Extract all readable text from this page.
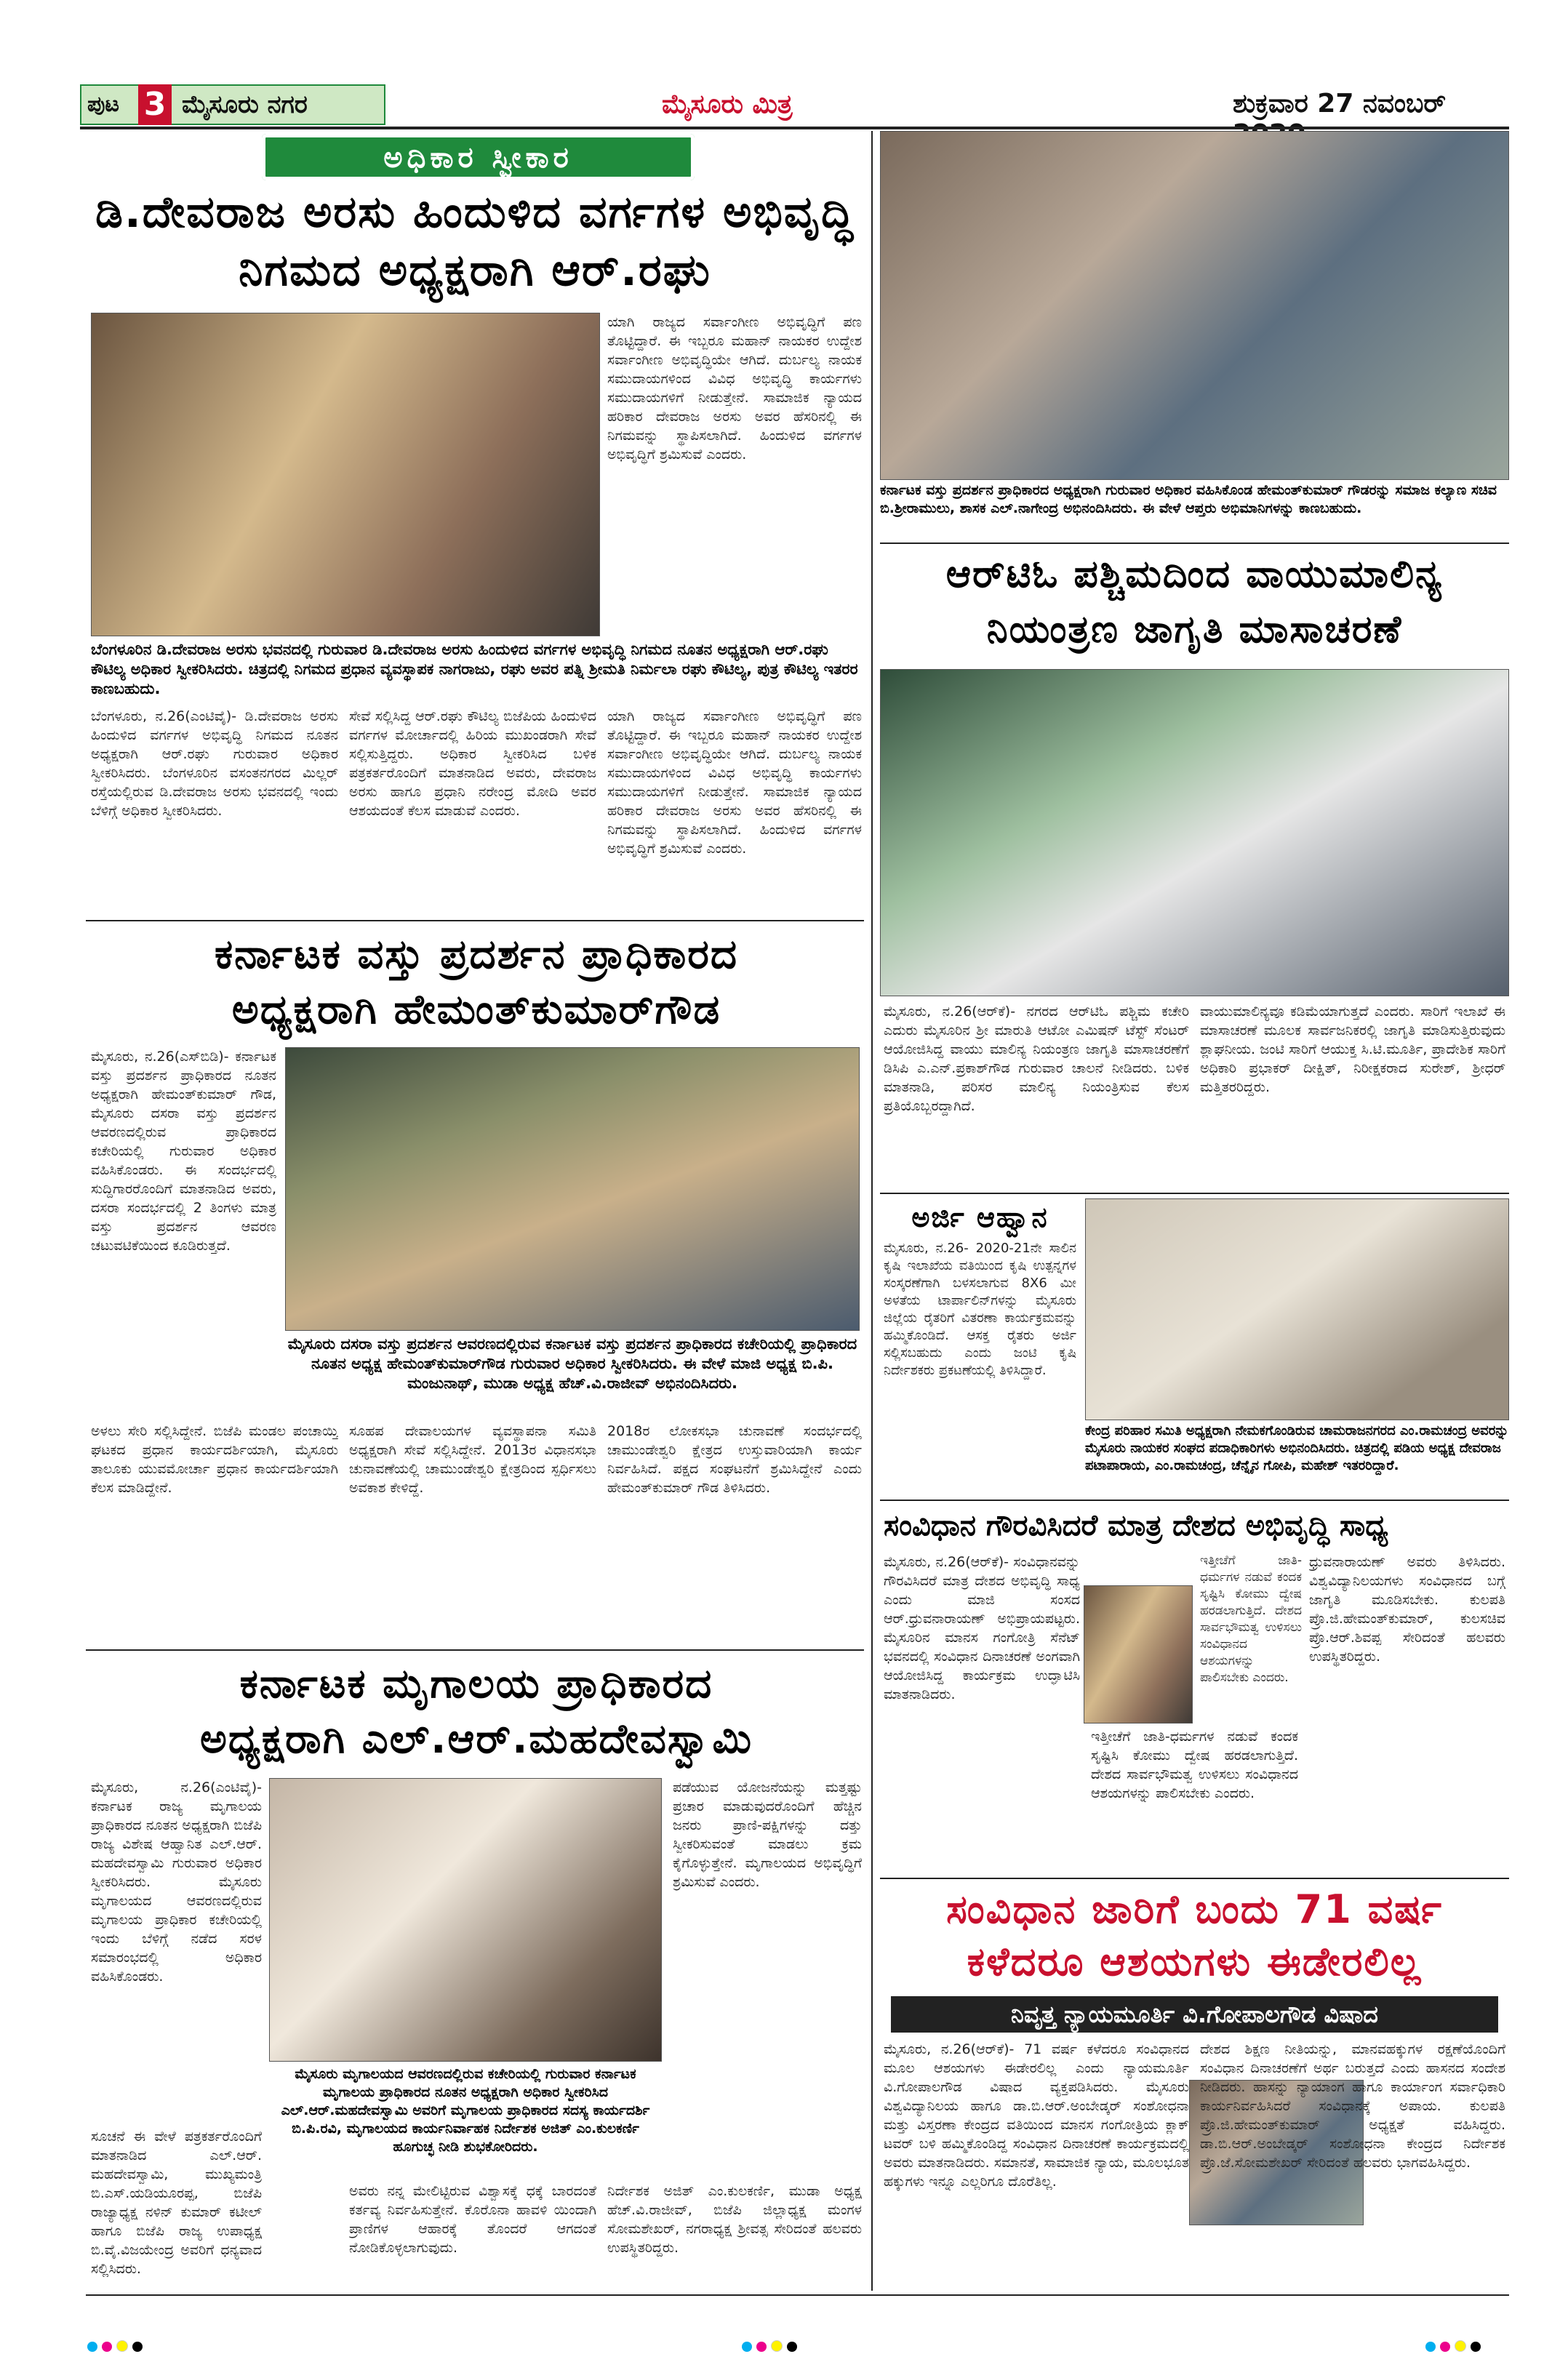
ಪುಟ 3 ಮೈಸೂರು ನಗರ	ಮೈಸೂರು ಮಿತ್ರ	ಶುಕ್ರವಾರ 27 ನವಂಬರ್
ಅಧಿಕಾರ ಸ್ವೀಕಾರ
ಡಿ.ದೇವರಾಜ ಅರಸು ಹಿಂದುಳಿದ ವರ್ಗಗಳ ಅಭಿವೃದ್ಧಿ ನಿಗಮದ ಅಧ್ಯಕ್ಷರಾಗಿ ಆರ್.ರಘು
ಯಾಗಿ ರಾಜ್ಯದ ಸರ್ವಾಂಗೀಣ ಅಭಿವೃದ್ಧಿಗೆ ಪಣ ತೊಟ್ಟಿದ್ದಾರೆ. ಈ ಇಬ್ಬರೂ ಮಹಾನ್ ನಾಯಕರ ಉದ್ದೇಶ ಸರ್ವಾಂಗೀಣ ಅಭಿವೃದ್ಧಿಯೇ ಆಗಿದೆ. ದುರ್ಬಲ್ಯ ನಾಯಕ ಸಮುದಾಯಗಳಿಂದ ವಿವಿಧ ಅಭಿವೃದ್ಧಿ ಕಾರ್ಯಗಳು ಸಮುದಾಯಗಳಿಗೆ ನೀಡುತ್ತೇನೆ. ಸಾಮಾಜಿಕ ನ್ಯಾಯದ ಹರಿಕಾರ ದೇವರಾಜ ಅರಸು ಅವರ ಹೆಸರಿನಲ್ಲಿ ಈ ನಿಗಮವನ್ನು ಸ್ಥಾಪಿಸಲಾಗಿದೆ. ಹಿಂದುಳಿದ ವರ್ಗಗಳ ಅಭಿವೃದ್ಧಿಗೆ ಶ್ರಮಿಸುವೆ ಎಂದರು.
ಬೆಂಗಳೂರಿನ ಡಿ.ದೇವರಾಜ ಅರಸು ಭವನದಲ್ಲಿ ಗುರುವಾರ ಡಿ.ದೇವರಾಜ ಅರಸು ಹಿಂದುಳಿದ ವರ್ಗಗಳ ಅಭಿವೃದ್ಧಿ ನಿಗಮದ ನೂತನ ಅಧ್ಯಕ್ಷರಾಗಿ ಆರ್.ರಘು ಕೌಟಿಲ್ಯ ಅಧಿಕಾರ ಸ್ವೀಕರಿಸಿದರು. ಚಿತ್ರದಲ್ಲಿ ನಿಗಮದ ಪ್ರಧಾನ ವ್ಯವಸ್ಥಾಪಕ ನಾಗರಾಜು, ರಘು ಅವರ ಪತ್ನಿ ಶ್ರೀಮತಿ ನಿರ್ಮಲಾ ರಘು ಕೌಟಿಲ್ಯ, ಪುತ್ರ ಕೌಟಿಲ್ಯ ಇತರರ ಕಾಣಬಹುದು.
ಬೆಂಗಳೂರು, ನ.26(ಎಂಟಿವೈ)- ಡಿ.ದೇವರಾಜ ಅರಸು ಹಿಂದುಳಿದ ವರ್ಗಗಳ ಅಭಿವೃದ್ಧಿ ನಿಗಮದ ನೂತನ ಅಧ್ಯಕ್ಷರಾಗಿ ಆರ್.ರಘು ಗುರುವಾರ ಅಧಿಕಾರ ಸ್ವೀಕರಿಸಿದರು. ಬೆಂಗಳೂರಿನ ವಸಂತನಗರದ ಮಿಲ್ಲರ್ ರಸ್ತೆಯಲ್ಲಿರುವ ಡಿ.ದೇವರಾಜ ಅರಸು ಭವನದಲ್ಲಿ ಇಂದು ಬೆಳಿಗ್ಗೆ ಅಧಿಕಾರ ಸ್ವೀಕರಿಸಿದರು.
ಸೇವೆ ಸಲ್ಲಿಸಿದ್ದ ಆರ್.ರಘು ಕೌಟಿಲ್ಯ ಬಿಜೆಪಿಯ ಹಿಂದುಳಿದ ವರ್ಗಗಳ ಮೋರ್ಚಾದಲ್ಲಿ ಹಿರಿಯ ಮುಖಂಡರಾಗಿ ಸೇವೆ ಸಲ್ಲಿಸುತ್ತಿದ್ದರು. ಅಧಿಕಾರ ಸ್ವೀಕರಿಸಿದ ಬಳಿಕ ಪತ್ರಕರ್ತರೊಂದಿಗೆ ಮಾತನಾಡಿದ ಅವರು, ದೇವರಾಜ ಅರಸು ಹಾಗೂ ಪ್ರಧಾನಿ ನರೇಂದ್ರ ಮೋದಿ ಅವರ ಆಶಯದಂತೆ ಕೆಲಸ ಮಾಡುವೆ ಎಂದರು.
ಯಾಗಿ ರಾಜ್ಯದ ಸರ್ವಾಂಗೀಣ ಅಭಿವೃದ್ಧಿಗೆ ಪಣ ತೊಟ್ಟಿದ್ದಾರೆ. ಈ ಇಬ್ಬರೂ ಮಹಾನ್ ನಾಯಕರ ಉದ್ದೇಶ ಸರ್ವಾಂಗೀಣ ಅಭಿವೃದ್ಧಿಯೇ ಆಗಿದೆ. ದುರ್ಬಲ್ಯ ನಾಯಕ ಸಮುದಾಯಗಳಿಂದ ವಿವಿಧ ಅಭಿವೃದ್ಧಿ ಕಾರ್ಯಗಳು ಸಮುದಾಯಗಳಿಗೆ ನೀಡುತ್ತೇನೆ. ಸಾಮಾಜಿಕ ನ್ಯಾಯದ ಹರಿಕಾರ ದೇವರಾಜ ಅರಸು ಅವರ ಹೆಸರಿನಲ್ಲಿ ಈ ನಿಗಮವನ್ನು ಸ್ಥಾಪಿಸಲಾಗಿದೆ. ಹಿಂದುಳಿದ ವರ್ಗಗಳ ಅಭಿವೃದ್ಧಿಗೆ ಶ್ರಮಿಸುವೆ ಎಂದರು.
ಕರ್ನಾಟಕ ವಸ್ತು ಪ್ರದರ್ಶನ ಪ್ರಾಧಿಕಾರದ ಅಧ್ಯಕ್ಷರಾಗಿ ಹೇಮಂತ್‌ಕುಮಾರ್‌ಗೌಡ
ಮೈಸೂರು, ನ.26(ಎಸ್‌ಬಿಡಿ)- ಕರ್ನಾಟಕ ವಸ್ತು ಪ್ರದರ್ಶನ ಪ್ರಾಧಿಕಾರದ ನೂತನ ಅಧ್ಯಕ್ಷರಾಗಿ ಹೇಮಂತ್‌ಕುಮಾರ್ ಗೌಡ, ಮೈಸೂರು ದಸರಾ ವಸ್ತು ಪ್ರದರ್ಶನ ಆವರಣದಲ್ಲಿರುವ ಪ್ರಾಧಿಕಾರದ ಕಚೇರಿಯಲ್ಲಿ ಗುರುವಾರ ಅಧಿಕಾರ ವಹಿಸಿಕೊಂಡರು. ಈ ಸಂದರ್ಭದಲ್ಲಿ ಸುದ್ದಿಗಾರರೊಂದಿಗೆ ಮಾತನಾಡಿದ ಅವರು, ದಸರಾ ಸಂದರ್ಭದಲ್ಲಿ 2 ತಿಂಗಳು ಮಾತ್ರ ವಸ್ತು ಪ್ರದರ್ಶನ ಆವರಣ ಚಟುವಟಿಕೆಯಿಂದ ಕೂಡಿರುತ್ತದೆ.
ಮೈಸೂರು ದಸರಾ ವಸ್ತು ಪ್ರದರ್ಶನ ಆವರಣದಲ್ಲಿರುವ ಕರ್ನಾಟಕ ವಸ್ತು ಪ್ರದರ್ಶನ ಪ್ರಾಧಿಕಾರದ ಕಚೇರಿಯಲ್ಲಿ ಪ್ರಾಧಿಕಾರದ ನೂತನ ಅಧ್ಯಕ್ಷ ಹೇಮಂತ್‌ಕುಮಾರ್‌ಗೌಡ ಗುರುವಾರ ಅಧಿಕಾರ ಸ್ವೀಕರಿಸಿದರು. ಈ ವೇಳೆ ಮಾಜಿ ಅಧ್ಯಕ್ಷ ಬಿ.ಪಿ. ಮಂಜುನಾಥ್, ಮುಡಾ ಅಧ್ಯಕ್ಷ ಹೆಚ್.ವಿ.ರಾಜೀವ್ ಅಭಿನಂದಿಸಿದರು.
ಅಳಲು ಸೇರಿ ಸಲ್ಲಿಸಿದ್ದೇನೆ. ಬಿಜೆಪಿ ಮಂಡಲ ಪಂಚಾಯ್ತಿ ಘಟಕದ ಪ್ರಧಾನ ಕಾರ್ಯದರ್ಶಿಯಾಗಿ, ಮೈಸೂರು ತಾಲೂಕು ಯುವಮೋರ್ಚಾ ಪ್ರಧಾನ ಕಾರ್ಯದರ್ಶಿಯಾಗಿ ಕೆಲಸ ಮಾಡಿದ್ದೇನೆ.
ಸೂಹಪ ದೇವಾಲಯಗಳ ವ್ಯವಸ್ಥಾಪನಾ ಸಮಿತಿ ಅಧ್ಯಕ್ಷರಾಗಿ ಸೇವೆ ಸಲ್ಲಿಸಿದ್ದೇನೆ. 2013ರ ವಿಧಾನಸಭಾ ಚುನಾವಣೆಯಲ್ಲಿ ಚಾಮುಂಡೇಶ್ವರಿ ಕ್ಷೇತ್ರದಿಂದ ಸ್ಪರ್ಧಿಸಲು ಅವಕಾಶ ಕೇಳಿದ್ದೆ.
2018ರ ಲೋಕಸಭಾ ಚುನಾವಣೆ ಸಂದರ್ಭದಲ್ಲಿ ಚಾಮುಂಡೇಶ್ವರಿ ಕ್ಷೇತ್ರದ ಉಸ್ತುವಾರಿಯಾಗಿ ಕಾರ್ಯ ನಿರ್ವಹಿಸಿದೆ. ಪಕ್ಷದ ಸಂಘಟನೆಗೆ ಶ್ರಮಿಸಿದ್ದೇನೆ ಎಂದು ಹೇಮಂತ್‌ಕುಮಾರ್ ಗೌಡ ತಿಳಿಸಿದರು.
ಕರ್ನಾಟಕ ಮೃಗಾಲಯ ಪ್ರಾಧಿಕಾರದ ಅಧ್ಯಕ್ಷರಾಗಿ ಎಲ್.ಆರ್.ಮಹದೇವಸ್ವಾಮಿ
ಮೈಸೂರು, ನ.26(ಎಂಟಿವೈ)- ಕರ್ನಾಟಕ ರಾಜ್ಯ ಮೃಗಾಲಯ ಪ್ರಾಧಿಕಾರದ ನೂತನ ಅಧ್ಯಕ್ಷರಾಗಿ ಬಿಜೆಪಿ ರಾಜ್ಯ ವಿಶೇಷ ಆಹ್ವಾನಿತ ಎಲ್.ಆರ್. ಮಹದೇವಸ್ವಾಮಿ ಗುರುವಾರ ಅಧಿಕಾರ ಸ್ವೀಕರಿಸಿದರು. ಮೈಸೂರು ಮೃಗಾಲಯದ ಆವರಣದಲ್ಲಿರುವ ಮೃಗಾಲಯ ಪ್ರಾಧಿಕಾರ ಕಚೇರಿಯಲ್ಲಿ ಇಂದು ಬೆಳಿಗ್ಗೆ ನಡೆದ ಸರಳ ಸಮಾರಂಭದಲ್ಲಿ ಅಧಿಕಾರ ವಹಿಸಿಕೊಂಡರು.
ಪಡೆಯುವ ಯೋಜನೆಯನ್ನು ಮತ್ತಷ್ಟು ಪ್ರಚಾರ ಮಾಡುವುದರೊಂದಿಗೆ ಹೆಚ್ಚಿನ ಜನರು ಪ್ರಾಣಿ-ಪಕ್ಷಿಗಳನ್ನು ದತ್ತು ಸ್ವೀಕರಿಸುವಂತೆ ಮಾಡಲು ಕ್ರಮ ಕೈಗೊಳ್ಳುತ್ತೇನೆ. ಮೃಗಾಲಯದ ಅಭಿವೃದ್ಧಿಗೆ ಶ್ರಮಿಸುವೆ ಎಂದರು.
ಮೈಸೂರು ಮೃಗಾಲಯದ ಆವರಣದಲ್ಲಿರುವ ಕಚೇರಿಯಲ್ಲಿ ಗುರುವಾರ ಕರ್ನಾಟಕ ಮೃಗಾಲಯ ಪ್ರಾಧಿಕಾರದ ನೂತನ ಅಧ್ಯಕ್ಷರಾಗಿ ಅಧಿಕಾರ ಸ್ವೀಕರಿಸಿದ ಎಲ್.ಆರ್.ಮಹದೇವಸ್ವಾಮಿ ಅವರಿಗೆ ಮೃಗಾಲಯ ಪ್ರಾಧಿಕಾರದ ಸದಸ್ಯ ಕಾರ್ಯದರ್ಶಿ ಬಿ.ಪಿ.ರವಿ, ಮೃಗಾಲಯದ ಕಾರ್ಯನಿರ್ವಾಹಕ ನಿರ್ದೇಶಕ ಅಜಿತ್ ಎಂ.ಕುಲಕರ್ಣಿ ಹೂಗುಚ್ಛ ನೀಡಿ ಶುಭಕೋರಿದರು.
ಸೂಚನೆ ಈ ವೇಳೆ ಪತ್ರಕರ್ತರೊಂದಿಗೆ ಮಾತನಾಡಿದ ಎಲ್.ಆರ್. ಮಹದೇವಸ್ವಾಮಿ, ಮುಖ್ಯಮಂತ್ರಿ ಬಿ.ಎಸ್.ಯಡಿಯೂರಪ್ಪ, ಬಿಜೆಪಿ ರಾಜ್ಯಾಧ್ಯಕ್ಷ ನಳಿನ್ ಕುಮಾರ್ ಕಟೀಲ್ ಹಾಗೂ ಬಿಜೆಪಿ ರಾಜ್ಯ ಉಪಾಧ್ಯಕ್ಷ ಬಿ.ವೈ.ವಿಜಯೇಂದ್ರ ಅವರಿಗೆ ಧನ್ಯವಾದ ಸಲ್ಲಿಸಿದರು.
ಅವರು ನನ್ನ ಮೇಲಿಟ್ಟಿರುವ ವಿಶ್ವಾಸಕ್ಕೆ ಧಕ್ಕೆ ಬಾರದಂತೆ ಕರ್ತವ್ಯ ನಿರ್ವಹಿಸುತ್ತೇನೆ. ಕೊರೊನಾ ಹಾವಳಿ ಯಿಂದಾಗಿ ಪ್ರಾಣಿಗಳ ಆಹಾರಕ್ಕೆ ತೊಂದರೆ ಆಗದಂತೆ ನೋಡಿಕೊಳ್ಳಲಾಗುವುದು.
ನಿರ್ದೇಶಕ ಅಜಿತ್ ಎಂ.ಕುಲಕರ್ಣಿ, ಮುಡಾ ಅಧ್ಯಕ್ಷ ಹೆಚ್.ವಿ.ರಾಜೀವ್, ಬಿಜೆಪಿ ಜಿಲ್ಲಾಧ್ಯಕ್ಷ ಮಂಗಳ ಸೋಮಶೇಖರ್, ನಗರಾಧ್ಯಕ್ಷ ಶ್ರೀವತ್ಸ ಸೇರಿದಂತೆ ಹಲವರು ಉಪಸ್ಥಿತರಿದ್ದರು.
ಕರ್ನಾಟಕ ವಸ್ತು ಪ್ರದರ್ಶನ ಪ್ರಾಧಿಕಾರದ ಅಧ್ಯಕ್ಷರಾಗಿ ಗುರುವಾರ ಅಧಿಕಾರ ವಹಿಸಿಕೊಂಡ ಹೇಮಂತ್‌ಕುಮಾರ್ ಗೌಡರನ್ನು ಸಮಾಜ ಕಲ್ಯಾಣ ಸಚಿವ ಬಿ.ಶ್ರೀರಾಮುಲು, ಶಾಸಕ ಎಲ್.ನಾಗೇಂದ್ರ ಅಭಿನಂದಿಸಿದರು. ಈ ವೇಳೆ ಆಪ್ತರು ಅಭಿಮಾನಿಗಳನ್ನು ಕಾಣಬಹುದು.
ಆರ್‌ಟಿಓ ಪಶ್ಚಿಮದಿಂದ ವಾಯುಮಾಲಿನ್ಯ ನಿಯಂತ್ರಣ ಜಾಗೃತಿ ಮಾಸಾಚರಣೆ
ಮೈಸೂರು, ನ.26(ಆರ್‌ಕೆ)- ನಗರದ ಆರ್‌ಟಿಓ ಪಶ್ಚಿಮ ಕಚೇರಿ ಎದುರು ಮೈಸೂರಿನ ಶ್ರೀ ಮಾರುತಿ ಆಟೋ ಎಮಿಷನ್ ಟೆಸ್ಟ್ ಸೆಂಟರ್ ಆಯೋಜಿಸಿದ್ದ ವಾಯು ಮಾಲಿನ್ಯ ನಿಯಂತ್ರಣ ಜಾಗೃತಿ ಮಾಸಾಚರಣೆಗೆ ಡಿಸಿಪಿ ಎ.ಎನ್.ಪ್ರಕಾಶ್‌ಗೌಡ ಗುರುವಾರ ಚಾಲನೆ ನೀಡಿದರು. ಬಳಿಕ ಮಾತನಾಡಿ, ಪರಿಸರ ಮಾಲಿನ್ಯ ನಿಯಂತ್ರಿಸುವ ಕೆಲಸ ಪ್ರತಿಯೊಬ್ಬರದ್ದಾಗಿದೆ.
ವಾಯುಮಾಲಿನ್ಯವೂ ಕಡಿಮೆಯಾಗುತ್ತದೆ ಎಂದರು. ಸಾರಿಗೆ ಇಲಾಖೆ ಈ ಮಾಸಾಚರಣೆ ಮೂಲಕ ಸಾರ್ವಜನಿಕರಲ್ಲಿ ಜಾಗೃತಿ ಮಾಡಿಸುತ್ತಿರುವುದು ಶ್ಲಾಘನೀಯ. ಜಂಟಿ ಸಾರಿಗೆ ಆಯುಕ್ತ ಸಿ.ಟಿ.ಮೂರ್ತಿ, ಪ್ರಾದೇಶಿಕ ಸಾರಿಗೆ ಅಧಿಕಾರಿ ಪ್ರಭಾಕರ್ ದೀಕ್ಷಿತ್, ನಿರೀಕ್ಷಕರಾದ ಸುರೇಶ್, ಶ್ರೀಧರ್ ಮತ್ತಿತರರಿದ್ದರು.
ಅರ್ಜಿ ಆಹ್ವಾನ
ಮೈಸೂರು, ನ.26- 2020-21ನೇ ಸಾಲಿನ ಕೃಷಿ ಇಲಾಖೆಯ ವತಿಯಿಂದ ಕೃಷಿ ಉತ್ಪನ್ನಗಳ ಸಂಸ್ಕರಣೆಗಾಗಿ ಬಳಸಲಾಗುವ 8X6 ಮೀ ಅಳತೆಯ ಟಾರ್ಪಾಲಿನ್‌ಗಳನ್ನು ಮೈಸೂರು ಜಿಲ್ಲೆಯ ರೈತರಿಗೆ ವಿತರಣಾ ಕಾರ್ಯಕ್ರಮವನ್ನು ಹಮ್ಮಿಕೊಂಡಿದೆ. ಆಸಕ್ತ ರೈತರು ಅರ್ಜಿ ಸಲ್ಲಿಸಬಹುದು ಎಂದು ಜಂಟಿ ಕೃಷಿ ನಿರ್ದೇಶಕರು ಪ್ರಕಟಣೆಯಲ್ಲಿ ತಿಳಿಸಿದ್ದಾರೆ.
ಕೇಂದ್ರ ಪರಿಹಾರ ಸಮಿತಿ ಅಧ್ಯಕ್ಷರಾಗಿ ನೇಮಕಗೊಂಡಿರುವ ಚಾಮರಾಜನಗರದ ಎಂ.ರಾಮಚಂದ್ರ ಅವರನ್ನು ಮೈಸೂರು ನಾಯಕರ ಸಂಘದ ಪದಾಧಿಕಾರಿಗಳು ಅಭಿನಂದಿಸಿದರು. ಚಿತ್ರದಲ್ಲಿ ಪಡಿಯ ಅಧ್ಯಕ್ಷ ದೇವರಾಜ ಪಟಾಪಾರಾಯ, ಎಂ.ರಾಮಚಂದ್ರ, ಚೆನ್ನೈನ ಗೋಪಿ, ಮಹೇಶ್ ಇತರರಿದ್ದಾರೆ.
ಸಂವಿಧಾನ ಗೌರವಿಸಿದರೆ ಮಾತ್ರ ದೇಶದ ಅಭಿವೃದ್ಧಿ ಸಾಧ್ಯ
ಮೈಸೂರು, ನ.26(ಆರ್‌ಕೆ)- ಸಂವಿಧಾನವನ್ನು ಗೌರವಿಸಿದರೆ ಮಾತ್ರ ದೇಶದ ಅಭಿವೃದ್ಧಿ ಸಾಧ್ಯ ಎಂದು ಮಾಜಿ ಸಂಸದ ಆರ್.ಧ್ರುವನಾರಾಯಣ್ ಅಭಿಪ್ರಾಯಪಟ್ಟರು. ಮೈಸೂರಿನ ಮಾನಸ ಗಂಗೋತ್ರಿ ಸೆನೆಟ್ ಭವನದಲ್ಲಿ ಸಂವಿಧಾನ ದಿನಾಚರಣೆ ಅಂಗವಾಗಿ ಆಯೋಜಿಸಿದ್ದ ಕಾರ್ಯಕ್ರಮ ಉದ್ಘಾಟಿಸಿ ಮಾತನಾಡಿದರು.
ಇತ್ತೀಚೆಗೆ ಜಾತಿ-ಧರ್ಮಗಳ ನಡುವೆ ಕಂದಕ ಸೃಷ್ಟಿಸಿ ಕೋಮು ದ್ವೇಷ ಹರಡಲಾಗುತ್ತಿದೆ. ದೇಶದ ಸಾರ್ವಭೌಮತ್ವ ಉಳಿಸಲು ಸಂವಿಧಾನದ ಆಶಯಗಳನ್ನು ಪಾಲಿಸಬೇಕು ಎಂದರು.
ಇತ್ತೀಚೆಗೆ ಜಾತಿ-ಧರ್ಮಗಳ ನಡುವೆ ಕಂದಕ ಸೃಷ್ಟಿಸಿ ಕೋಮು ದ್ವೇಷ ಹರಡಲಾಗುತ್ತಿದೆ. ದೇಶದ ಸಾರ್ವಭೌಮತ್ವ ಉಳಿಸಲು ಸಂವಿಧಾನದ ಆಶಯಗಳನ್ನು ಪಾಲಿಸಬೇಕು ಎಂದರು.
ಧ್ರುವನಾರಾಯಣ್ ಅವರು ತಿಳಿಸಿದರು. ವಿಶ್ವವಿದ್ಯಾನಿಲಯಗಳು ಸಂವಿಧಾನದ ಬಗ್ಗೆ ಜಾಗೃತಿ ಮೂಡಿಸಬೇಕು. ಕುಲಪತಿ ಪ್ರೊ.ಜಿ.ಹೇಮಂತ್‌ಕುಮಾರ್, ಕುಲಸಚಿವ ಪ್ರೊ.ಆರ್.ಶಿವಪ್ಪ ಸೇರಿದಂತೆ ಹಲವರು ಉಪಸ್ಥಿತರಿದ್ದರು.
ಸಂವಿಧಾನ ಜಾರಿಗೆ ಬಂದು 71 ವರ್ಷ ಕಳೆದರೂ ಆಶಯಗಳು ಈಡೇರಲಿಲ್ಲ
ನಿವೃತ್ತ ನ್ಯಾಯಮೂರ್ತಿ ವಿ.ಗೋಪಾಲಗೌಡ ವಿಷಾದ
ಮೈಸೂರು, ನ.26(ಆರ್‌ಕೆ)- 71 ವರ್ಷ ಕಳೆದರೂ ಸಂವಿಧಾನದ ಮೂಲ ಆಶಯಗಳು ಈಡೇರಲಿಲ್ಲ ಎಂದು ನ್ಯಾಯಮೂರ್ತಿ ವಿ.ಗೋಪಾಲಗೌಡ ವಿಷಾದ ವ್ಯಕ್ತಪಡಿಸಿದರು. ಮೈಸೂರು ವಿಶ್ವವಿದ್ಯಾನಿಲಯ ಹಾಗೂ ಡಾ.ಬಿ.ಆರ್.ಅಂಬೇಡ್ಕರ್ ಸಂಶೋಧನಾ ಮತ್ತು ವಿಸ್ತರಣಾ ಕೇಂದ್ರದ ವತಿಯಿಂದ ಮಾನಸ ಗಂಗೋತ್ರಿಯ ಕ್ಲಾಕ್ ಟವರ್ ಬಳಿ ಹಮ್ಮಿಕೊಂಡಿದ್ದ ಸಂವಿಧಾನ ದಿನಾಚರಣೆ ಕಾರ್ಯಕ್ರಮದಲ್ಲಿ ಅವರು ಮಾತನಾಡಿದರು. ಸಮಾನತೆ, ಸಾಮಾಜಿಕ ನ್ಯಾಯ, ಮೂಲಭೂತ ಹಕ್ಕುಗಳು ಇನ್ನೂ ಎಲ್ಲರಿಗೂ ದೊರೆತಿಲ್ಲ.
ದೇಶದ ಶಿಕ್ಷಣ ನೀತಿಯನ್ನು, ಮಾನವಹಕ್ಕುಗಳ ರಕ್ಷಣೆಯೊಂದಿಗೆ ಸಂವಿಧಾನ ದಿನಾಚರಣೆಗೆ ಅರ್ಥ ಬರುತ್ತದೆ ಎಂದು ಹಾಸನದ ಸಂದೇಶ ನೀಡಿದರು. ಹಾಸನ್ನು ನ್ಯಾಯಾಂಗ ಹಾಗೂ ಕಾರ್ಯಾಂಗ ಸರ್ವಾಧಿಕಾರಿ ಕಾರ್ಯನಿರ್ವಹಿಸಿದರೆ ಸಂವಿಧಾನಕ್ಕೆ ಅಪಾಯ. ಕುಲಪತಿ ಪ್ರೊ.ಜಿ.ಹೇಮಂತ್‌ಕುಮಾರ್ ಅಧ್ಯಕ್ಷತೆ ವಹಿಸಿದ್ದರು. ಡಾ.ಬಿ.ಆರ್.ಅಂಬೇಡ್ಕರ್ ಸಂಶೋಧನಾ ಕೇಂದ್ರದ ನಿರ್ದೇಶಕ ಪ್ರೊ.ಜೆ.ಸೋಮಶೇಖರ್ ಸೇರಿದಂತೆ ಹಲವರು ಭಾಗವಹಿಸಿದ್ದರು.
